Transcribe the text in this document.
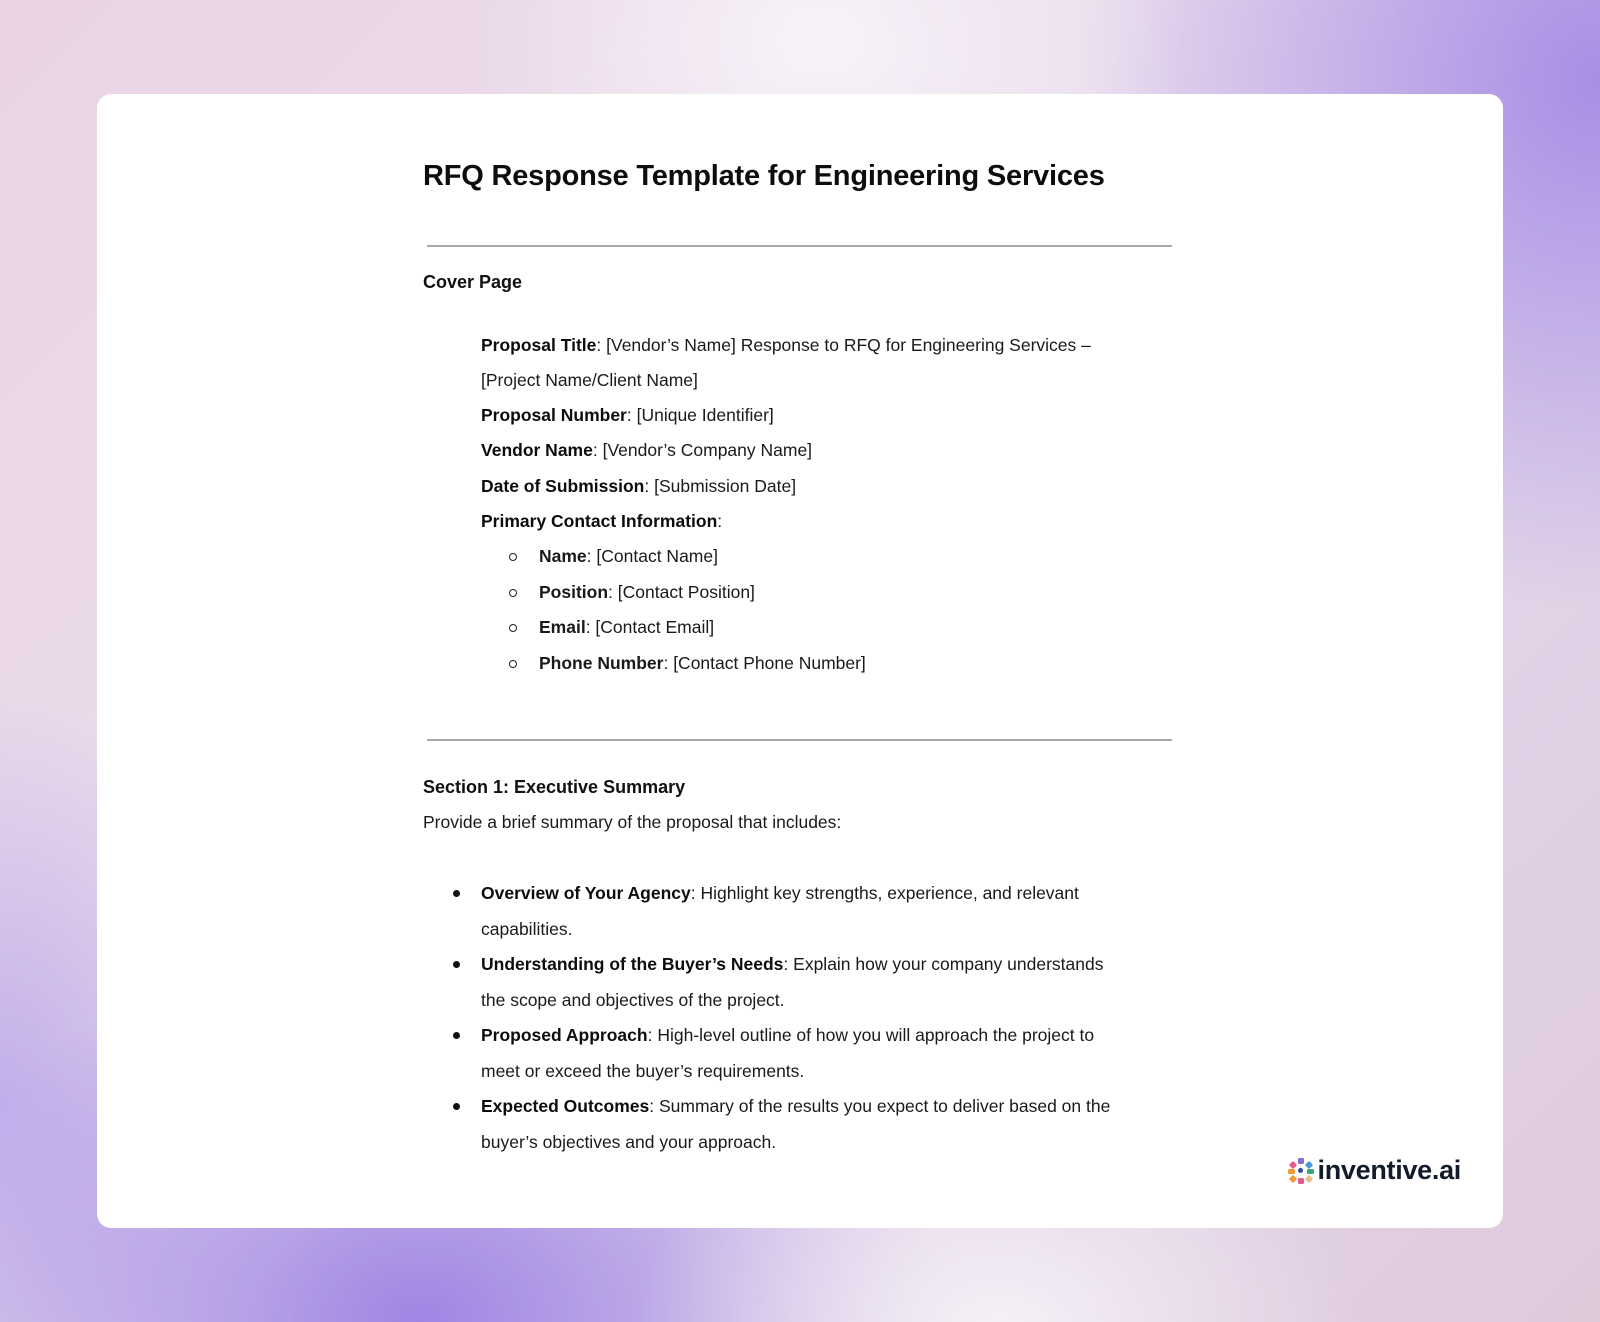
RFQ Response Template for Engineering Services
Cover Page
Proposal Title: [Vendor’s Name] Response to RFQ for Engineering Services –
[Project Name/Client Name]
Proposal Number: [Unique Identifier]
Vendor Name: [Vendor’s Company Name]
Date of Submission: [Submission Date]
Primary Contact Information:
Name: [Contact Name]
Position: [Contact Position]
Email: [Contact Email]
Phone Number: [Contact Phone Number]
Section 1: Executive Summary

Provide a brief summary of the proposal that includes:

Overview of Your Agency: Highlight key strengths, experience, and relevant
capabilities.
Understanding of the Buyer’s Needs: Explain how your company understands
the scope and objectives of the project.
Proposed Approach: High-level outline of how you will approach the project to
meet or exceed the buyer’s requirements.
Expected Outcomes: Summary of the results you expect to deliver based on the
buyer’s objectives and your approach.
inventive.ai
